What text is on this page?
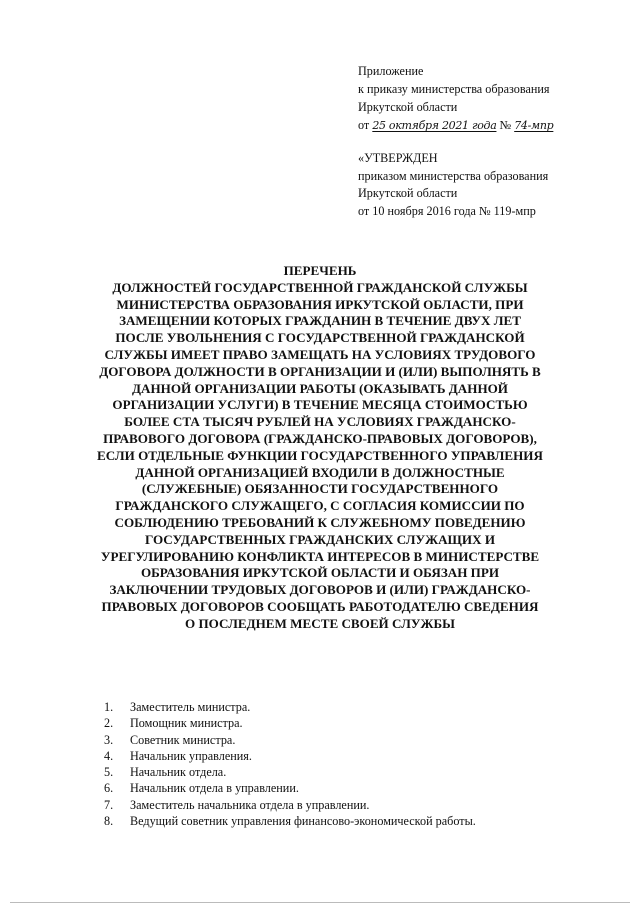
Приложение
к приказу министерства образования
Иркутской области
от 25 октября 2021 года № 74-мпр
«УТВЕРЖДЕН
приказом министерства образования
Иркутской области
от 10 ноября 2016 года № 119-мпр
ПЕРЕЧЕНЬ
ДОЛЖНОСТЕЙ ГОСУДАРСТВЕННОЙ ГРАЖДАНСКОЙ СЛУЖБЫ МИНИСТЕРСТВА ОБРАЗОВАНИЯ ИРКУТСКОЙ ОБЛАСТИ, ПРИ ЗАМЕЩЕНИИ КОТОРЫХ ГРАЖДАНИН В ТЕЧЕНИЕ ДВУХ ЛЕТ ПОСЛЕ УВОЛЬНЕНИЯ С ГОСУДАРСТВЕННОЙ ГРАЖДАНСКОЙ СЛУЖБЫ ИМЕЕТ ПРАВО ЗАМЕЩАТЬ НА УСЛОВИЯХ ТРУДОВОГО ДОГОВОРА ДОЛЖНОСТИ В ОРГАНИЗАЦИИ И (ИЛИ) ВЫПОЛНЯТЬ В ДАННОЙ ОРГАНИЗАЦИИ РАБОТЫ (ОКАЗЫВАТЬ ДАННОЙ ОРГАНИЗАЦИИ УСЛУГИ) В ТЕЧЕНИЕ МЕСЯЦА СТОИМОСТЬЮ БОЛЕЕ СТА ТЫСЯЧ РУБЛЕЙ НА УСЛОВИЯХ ГРАЖДАНСКО-ПРАВОВОГО ДОГОВОРА (ГРАЖДАНСКО-ПРАВОВЫХ ДОГОВОРОВ), ЕСЛИ ОТДЕЛЬНЫЕ ФУНКЦИИ ГОСУДАРСТВЕННОГО УПРАВЛЕНИЯ ДАННОЙ ОРГАНИЗАЦИЕЙ ВХОДИЛИ В ДОЛЖНОСТНЫЕ (СЛУЖЕБНЫЕ) ОБЯЗАННОСТИ ГОСУДАРСТВЕННОГО ГРАЖДАНСКОГО СЛУЖАЩЕГО, С СОГЛАСИЯ КОМИССИИ ПО СОБЛЮДЕНИЮ ТРЕБОВАНИЙ К СЛУЖЕБНОМУ ПОВЕДЕНИЮ ГОСУДАРСТВЕННЫХ ГРАЖДАНСКИХ СЛУЖАЩИХ И УРЕГУЛИРОВАНИЮ КОНФЛИКТА ИНТЕРЕСОВ В МИНИСТЕРСТВЕ ОБРАЗОВАНИЯ ИРКУТСКОЙ ОБЛАСТИ И ОБЯЗАН ПРИ ЗАКЛЮЧЕНИИ ТРУДОВЫХ ДОГОВОРОВ И (ИЛИ) ГРАЖДАНСКО-ПРАВОВЫХ ДОГОВОРОВ СООБЩАТЬ РАБОТОДАТЕЛЮ СВЕДЕНИЯ О ПОСЛЕДНЕМ МЕСТЕ СВОЕЙ СЛУЖБЫ
1.	Заместитель министра.
2.	Помощник министра.
3.	Советник министра.
4.	Начальник управления.
5.	Начальник отдела.
6.	Начальник отдела в управлении.
7.	Заместитель начальника отдела в управлении.
8.	Ведущий советник управления финансово-экономической работы.
